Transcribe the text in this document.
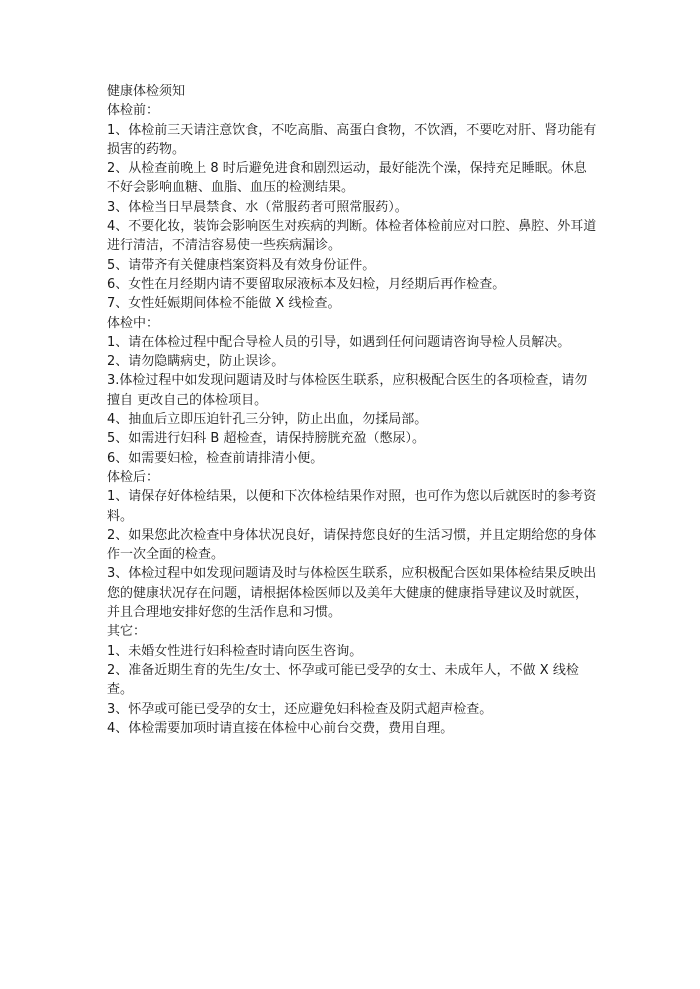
健康体检须知

体检前：

1、体检前三天请注意饮食，不吃高脂、高蛋白食物，不饮酒，不要吃对肝、肾功能有损害的药物。

2、从检查前晚上 8 时后避免进食和剧烈运动，最好能洗个澡，保持充足睡眠。休息不好会影响血糖、血脂、血压的检测结果。

3、体检当日早晨禁食、水（常服药者可照常服药）。

4、不要化妆，装饰会影响医生对疾病的判断。体检者体检前应对口腔、鼻腔、外耳道进行清洁，不清洁容易使一些疾病漏诊。

5、请带齐有关健康档案资料及有效身份证件。

6、女性在月经期内请不要留取尿液标本及妇检，月经期后再作检查。

7、女性妊娠期间体检不能做 X 线检查。

体检中：

1、请在体检过程中配合导检人员的引导，如遇到任何问题请咨询导检人员解决。

2、请勿隐瞒病史，防止误诊。

3.体检过程中如发现问题请及时与体检医生联系，应积极配合医生的各项检查，请勿擅自 更改自己的体检项目。

4、抽血后立即压迫针孔三分钟，防止出血，勿揉局部。

5、如需进行妇科 B 超检查，请保持膀胱充盈（憋尿）。

6、如需要妇检，检查前请排清小便。

体检后：

1、请保存好体检结果，以便和下次体检结果作对照，也可作为您以后就医时的参考资料。

2、如果您此次检查中身体状况良好，请保持您良好的生活习惯，并且定期给您的身体作一次全面的检查。

3、体检过程中如发现问题请及时与体检医生联系，应积极配合医如果体检结果反映出您的健康状况存在问题，请根据体检医师以及美年大健康的健康指导建议及时就医，并且合理地安排好您的生活作息和习惯。

其它：

1、未婚女性进行妇科检查时请向医生咨询。

2、准备近期生育的先生/女士、怀孕或可能已受孕的女士、未成年人，不做 X 线检查。

3、怀孕或可能已受孕的女士，还应避免妇科检查及阴式超声检查。

4、体检需要加项时请直接在体检中心前台交费，费用自理。
